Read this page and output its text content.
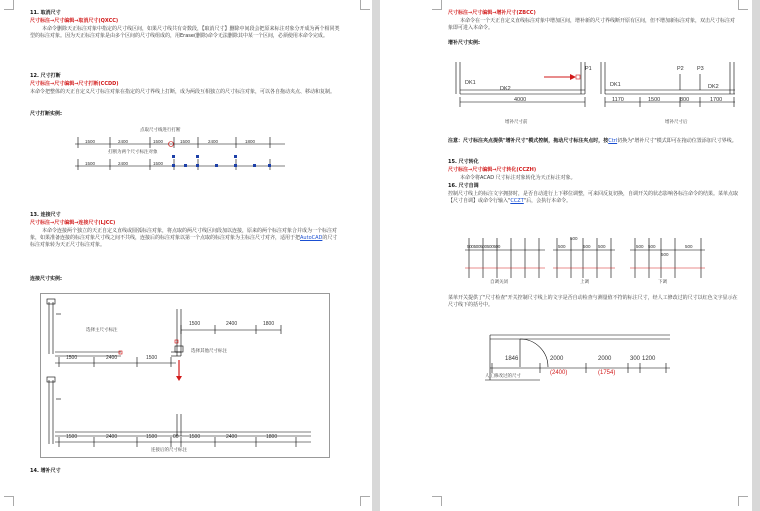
11. 取消尺寸
尺寸标注→尺寸编辑→取消尺寸(QXCC)
本命令删除天正标注对象中指定的尺寸线区间，如果尺寸线共有奇数段，【取消尺寸】删除中间段会把原来标注对象分开成为两个相同类型的标注对象。因为天正标注对象是由多个区间的尺寸线组成的，用Erase(删除)命令无法删除其中某一个区间，必须使用本命令完成。
12. 尺寸打断
尺寸标注→尺寸编辑→尺寸打断(CCDD)
本命令把整体的天正自定义尺寸标注对象在指定的尺寸界线上打断，成为两段互相独立的尺寸标注对象，可以各自拖动夹点、移动和复制。
尺寸打断实例:
点取尺寸线进行打断
打断为两个尺寸标注对象
1500	2400	1500	1500	2400	1800
1500	2400	1500
13. 连接尺寸
尺寸标注→尺寸编辑→连接尺寸(LJCC)
本命令连接两个独立的天正自定义直线或圆弧标注对象，将点取的两尺寸线区间段加以连接，原来的两个标注对象合并成为一个标注对象，如果准备连接的标注对象尺寸线之间不共线，连接后的标注对象以第一个点取的标注对象为主标注尺寸对齐，适用于把AutoCAD的尺寸标注对象转为天正尺寸标注对象。
连接尺寸实例:
选择主尺寸标注
选择其他尺寸标注
连接后的尺寸标注
1500	2400	1800
1500	2400	1500
1500	2400	1500	00 1500	2400	1800
14. 增补尺寸
尺寸标注→尺寸编辑→增补尺寸(ZBCC)
本命令在一个天正自定义直线标注对象中增加区间，增补新的尺寸界线断开原有区间，但不增加新标注对象，双击尺寸标注对象即可进入本命令。
增补尺寸实例:
DK1
DK2
P1
DK1
P2 P3
DK2
4000	1170	1500	800	1700
增补尺寸前	增补尺寸后
注意：尺寸标注夹点提供"增补尺寸"模式控制，拖动尺寸标注夹点时，按Ctrl切换为"增补尺寸"模式即可在拖动位置添加尺寸界线。
15. 尺寸转化
尺寸标注→尺寸编辑→尺寸转化(CCZH)
本命令将ACAD 尺寸标注对象转化为天正标注对象。
16. 尺寸自调
控制尺寸线上的标注文字拥挤时，是否自动进行上下移位调整，可来回反复切换，自调开关的状态影响各标注命令的结果。菜单点取【尺寸自调】或命令行输入"CCZT"后，会执行本命令。
500500500500500	500
500
500 500	500 500
500
500
自调关闭	上调	下调
菜单开关提供了"尺寸检查"开关控制尺寸线上的文字是否自动检查与测量值不符的标注尺寸，经人工修改过的尺寸以红色文字显示在尺寸线下的括号中。
1846	2000	2000	300 1200
(2400)	(1754)
人工修改过的尺寸
